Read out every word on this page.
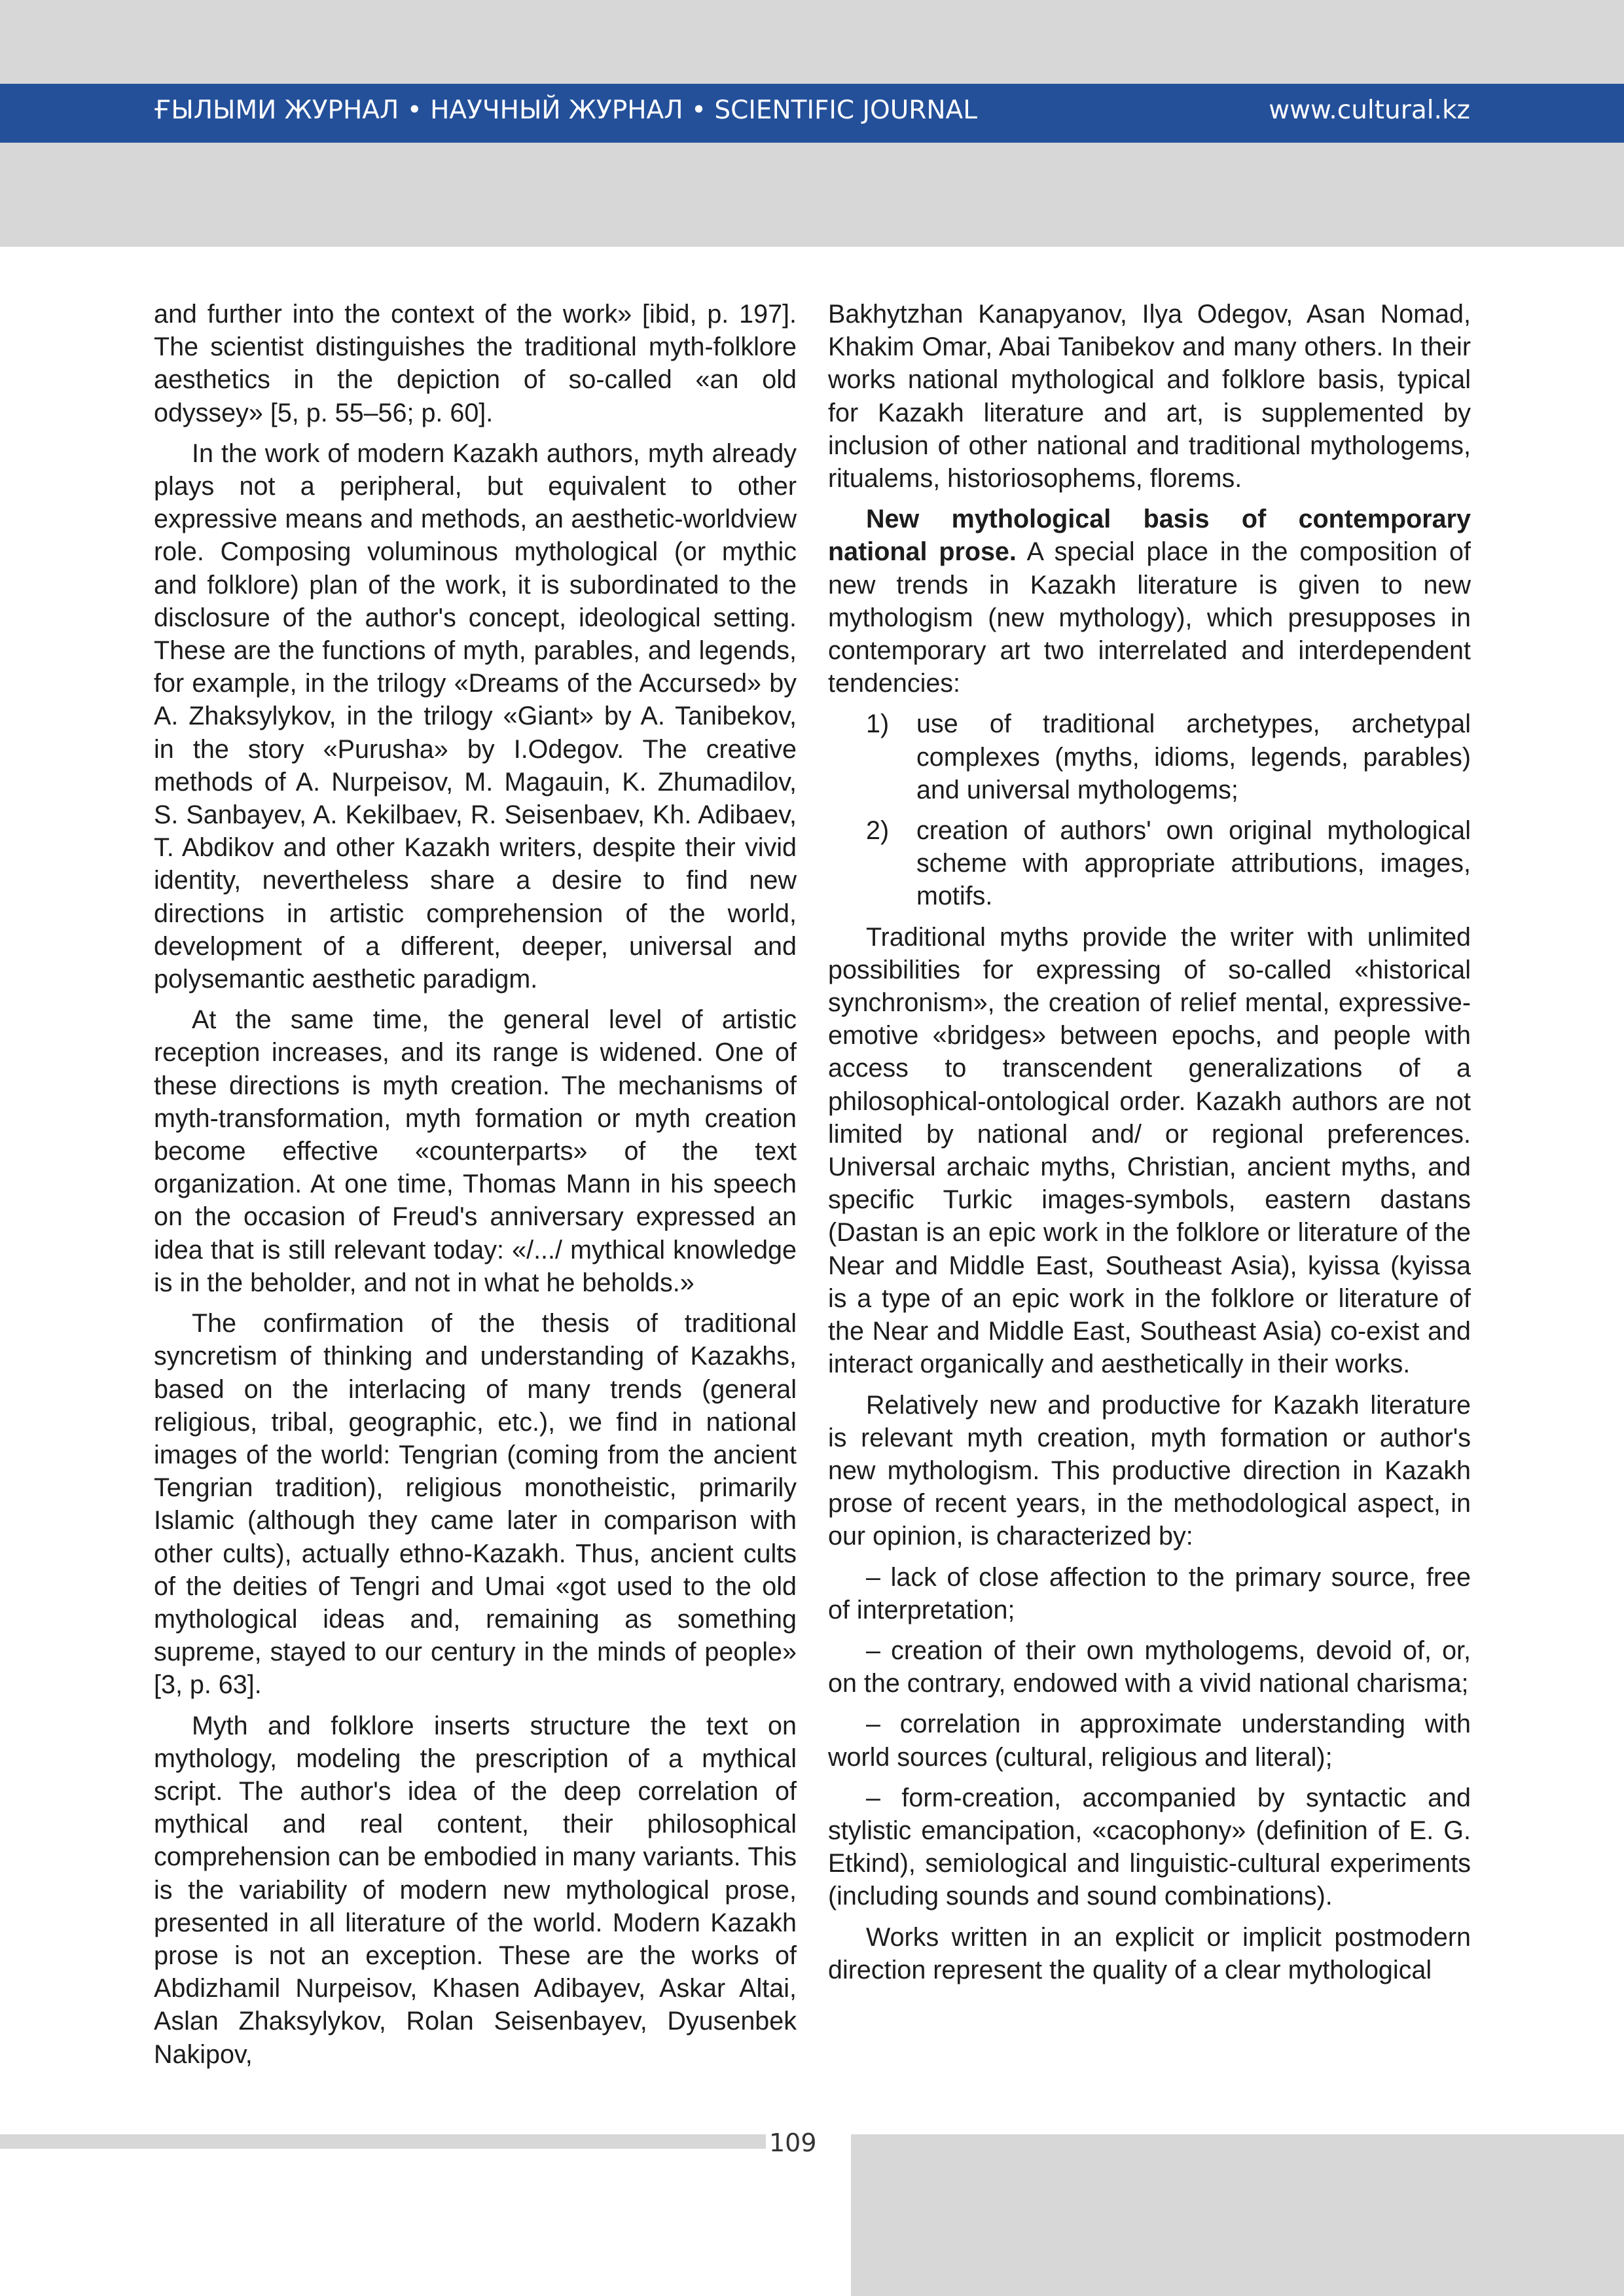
ҒЫЛЫМИ ЖУРНАЛ • НАУЧНЫЙ ЖУРНАЛ • SCIENTIFIC JOURNAL	www.cultural.kz

and further into the context of the work» [ibid, p. 197]. The scientist distinguishes the traditional myth-folklore aesthetics in the depiction of so-called «an old odyssey» [5, p. 55–56; p. 60].

In the work of modern Kazakh authors, myth already plays not a peripheral, but equivalent to other expressive means and methods, an aesthetic-worldview role. Composing voluminous mythological (or mythic and folklore) plan of the work, it is subordinated to the disclosure of the author's concept, ideological setting. These are the functions of myth, parables, and legends, for example, in the trilogy «Dreams of the Accursed» by A. Zhaksylykov, in the trilogy «Giant» by A. Tanibekov, in the story «Purusha» by I.Odegov. The creative methods of A. Nurpeisov, M. Magauin, K. Zhumadilov, S. Sanbayev, A. Kekilbaev, R. Seisenbaev, Kh. Adibaev, T. Abdikov and other Kazakh writers, despite their vivid identity, nevertheless share a desire to find new directions in artistic comprehension of the world, development of a different, deeper, universal and polysemantic aesthetic paradigm.

At the same time, the general level of artistic reception increases, and its range is widened. One of these directions is myth creation. The mechanisms of myth-transformation, myth formation or myth creation become effective «counterparts» of the text organization. At one time, Thomas Mann in his speech on the occasion of Freud's anniversary expressed an idea that is still relevant today: «/.../ mythical knowledge is in the beholder, and not in what he beholds.»

The confirmation of the thesis of traditional syncretism of thinking and understanding of Kazakhs, based on the interlacing of many trends (general religious, tribal, geographic, etc.), we find in national images of the world: Tengrian (coming from the ancient Tengrian tradition), religious monotheistic, primarily Islamic (although they came later in comparison with other cults), actually ethno-Kazakh. Thus, ancient cults of the deities of Tengri and Umai «got used to the old mythological ideas and, remaining as something supreme, stayed to our century in the minds of people» [3, p. 63].

Myth and folklore inserts structure the text on mythology, modeling the prescription of a mythical script. The author's idea of the deep correlation of mythical and real content, their philosophical comprehension can be embodied in many variants. This is the variability of modern new mythological prose, presented in all literature of the world. Modern Kazakh prose is not an exception. These are the works of Abdizhamil Nurpeisov, Khasen Adibayev, Askar Altai, Aslan Zhaksylykov, Rolan Seisenbayev, Dyusenbek Nakipov,

Bakhytzhan Kanapyanov, Ilya Odegov, Asan Nomad, Khakim Omar, Abai Tanibekov and many others. In their works national mythological and folklore basis, typical for Kazakh literature and art, is supplemented by inclusion of other national and traditional mythologems, ritualems, historiosophems, florems.

New mythological basis of contemporary national prose. A special place in the composition of new trends in Kazakh literature is given to new mythologism (new mythology), which presupposes in contemporary art two interrelated and interdependent tendencies:

1) use of traditional archetypes, archetypal complexes (myths, idioms, legends, parables) and universal mythologems;
2) creation of authors' own original mythological scheme with appropriate attributions, images, motifs.

Traditional myths provide the writer with unlimited possibilities for expressing of so-called «historical synchronism», the creation of relief mental, expressive-emotive «bridges» between epochs, and people with access to transcendent generalizations of a philosophical-ontological order. Kazakh authors are not limited by national and/ or regional preferences. Universal archaic myths, Christian, ancient myths, and specific Turkic images-symbols, eastern dastans (Dastan is an epic work in the folklore or literature of the Near and Middle East, Southeast Asia), kyissa (kyissa is a type of an epic work in the folklore or literature of the Near and Middle East, Southeast Asia) co-exist and interact organically and aesthetically in their works.

Relatively new and productive for Kazakh literature is relevant myth creation, myth formation or author's new mythologism. This productive direction in Kazakh prose of recent years, in the methodological aspect, in our opinion, is characterized by:

– lack of close affection to the primary source, free of interpretation;

– creation of their own mythologems, devoid of, or, on the contrary, endowed with a vivid national charisma;

– correlation in approximate understanding with world sources (cultural, religious and literal);

– form-creation, accompanied by syntactic and stylistic emancipation, «cacophony» (definition of E. G. Etkind), semiological and linguistic-cultural experiments (including sounds and sound combinations).

Works written in an explicit or implicit postmodern direction represent the quality of a clear mythological

109
